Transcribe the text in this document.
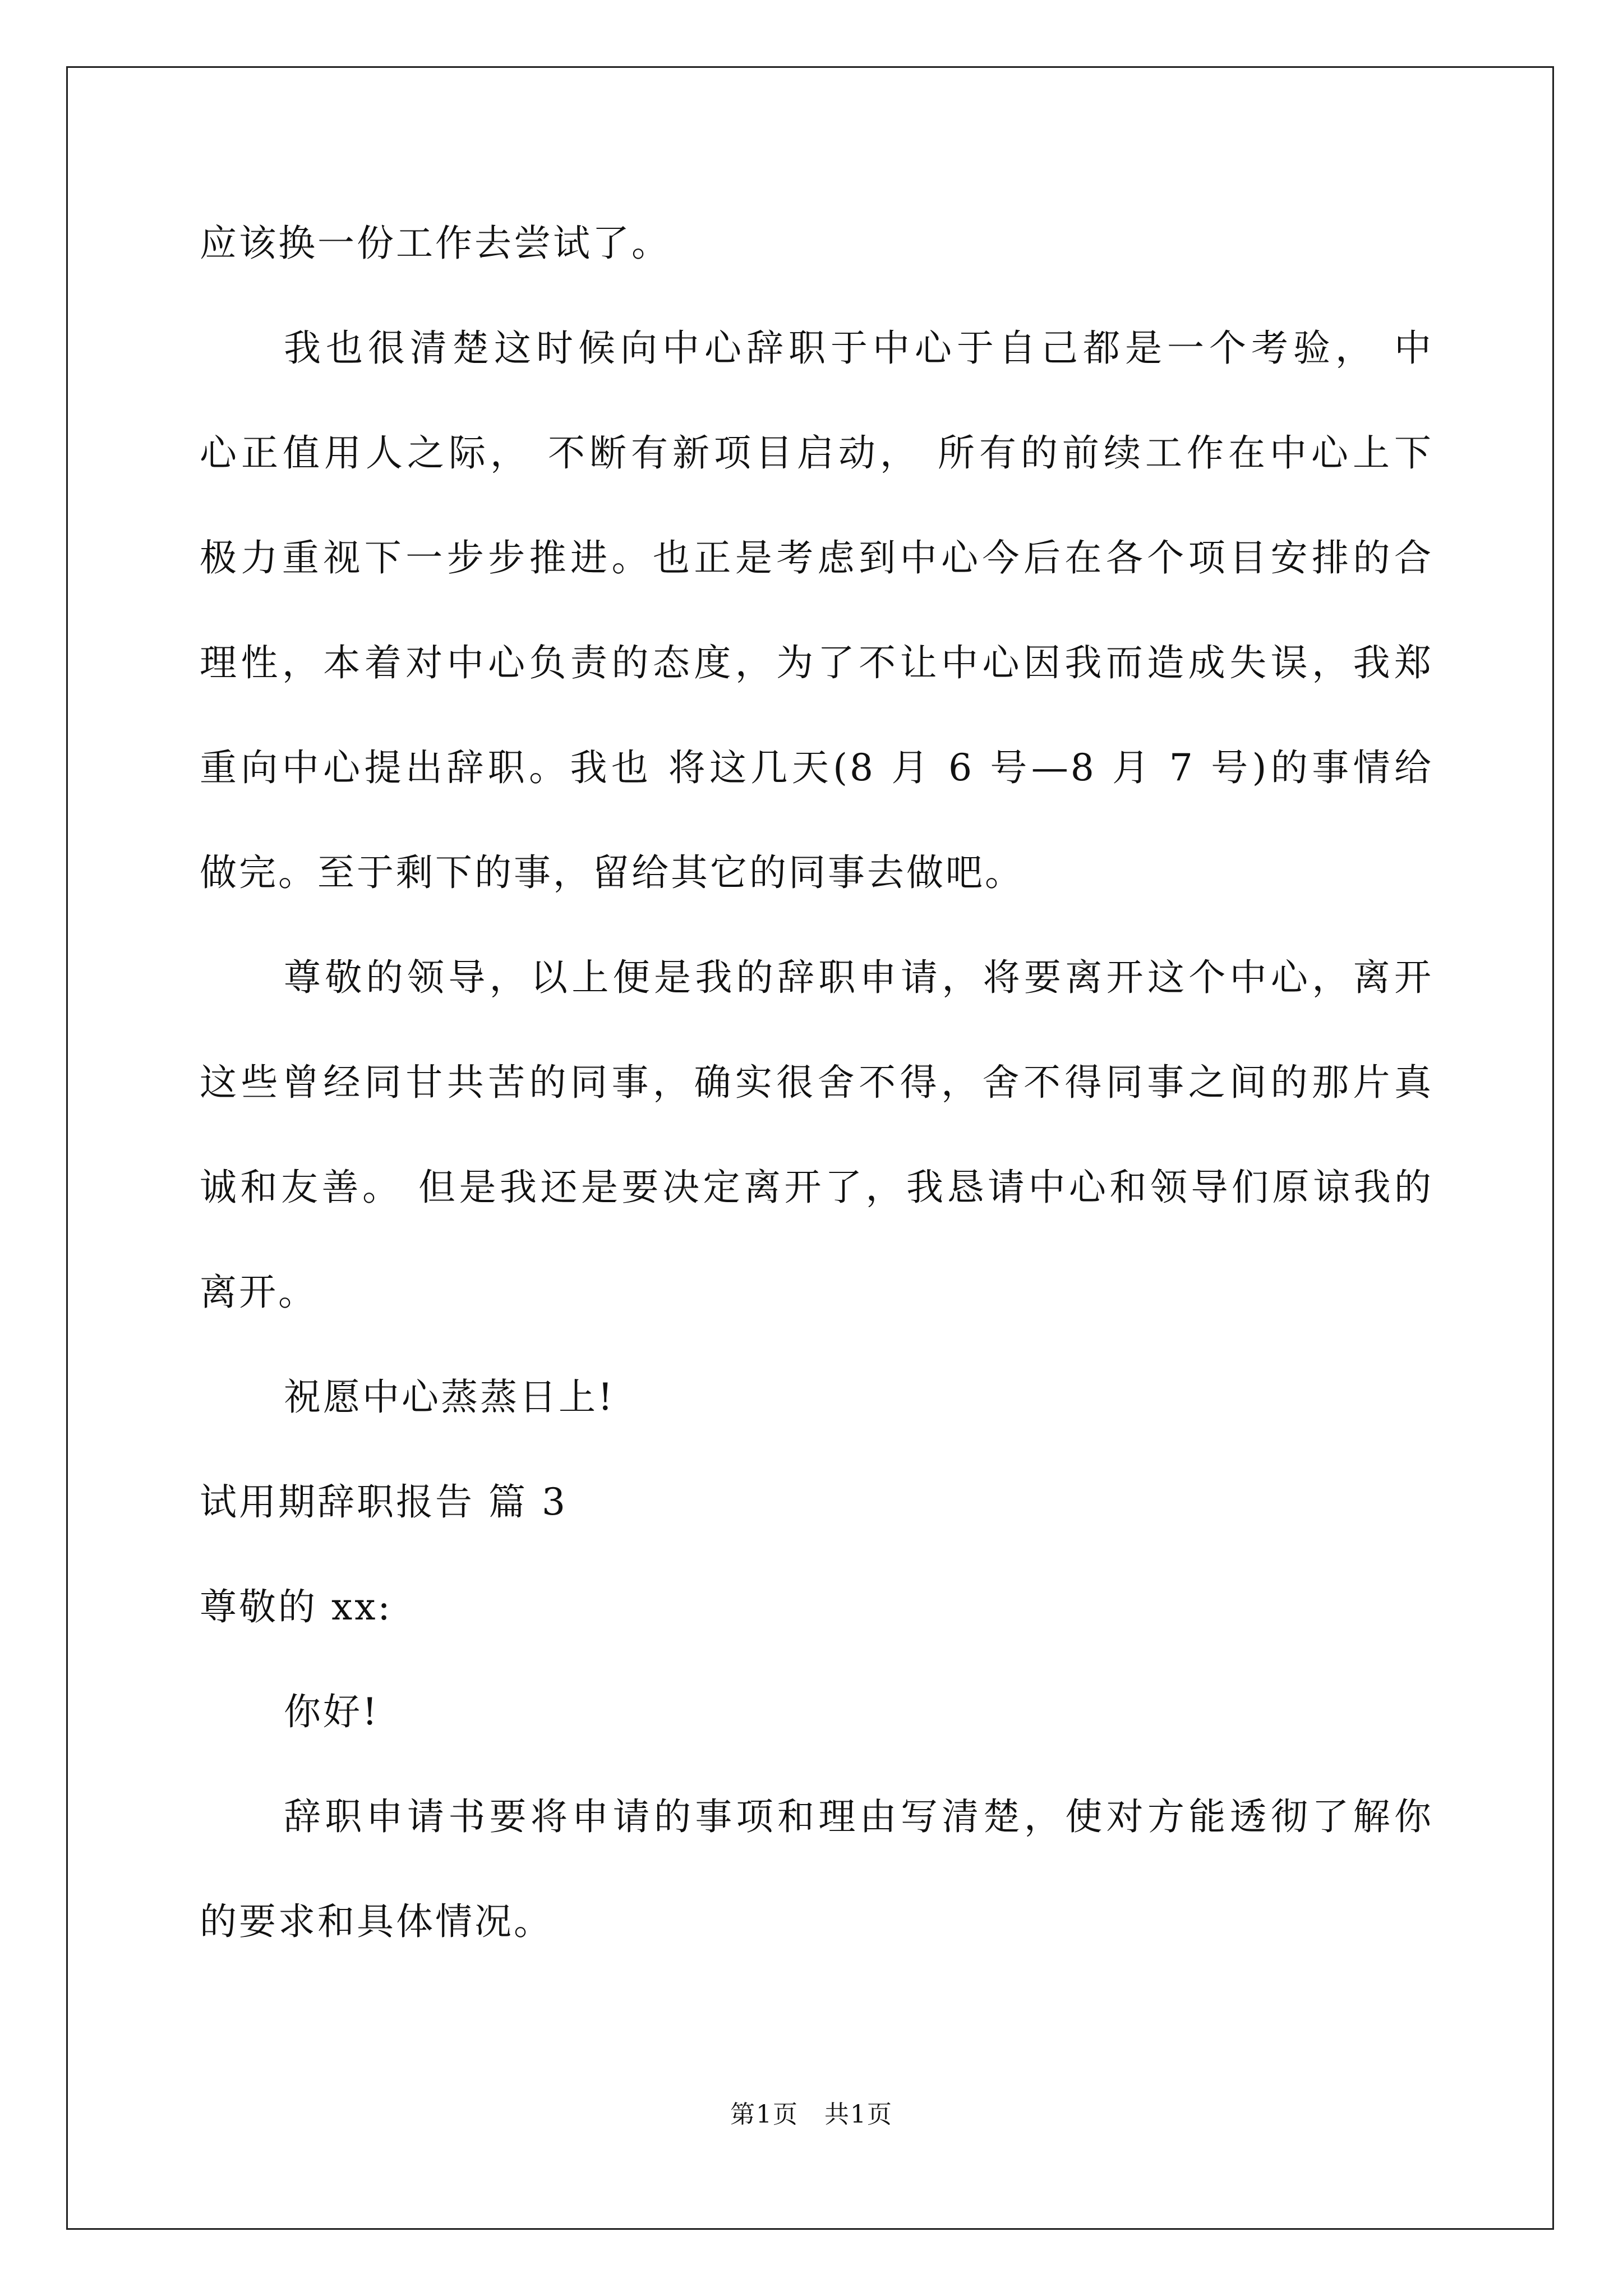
应该换一份工作去尝试了。
我也很清楚这时候向中心辞职于中心于自己都是一个考验， 中
心正值用人之际， 不断有新项目启动， 所有的前续工作在中心上下
极力重视下一步步推进。也正是考虑到中心今后在各个项目安排的合
理性，本着对中心负责的态度，为了不让中心因我而造成失误，我郑
重向中心提出辞职。我也 将这几天(8 月 6 号—8 月 7 号)的事情给
做完。至于剩下的事，留给其它的同事去做吧。
尊敬的领导，以上便是我的辞职申请，将要离开这个中心，离开
这些曾经同甘共苦的同事，确实很舍不得，舍不得同事之间的那片真
诚和友善。 但是我还是要决定离开了，我恳请中心和领导们原谅我的
离开。
祝愿中心蒸蒸日上!
试用期辞职报告 篇 3
尊敬的 xx:
你好!
辞职申请书要将申请的事项和理由写清楚，使对方能透彻了解你
的要求和具体情况。
第1页　共1页
